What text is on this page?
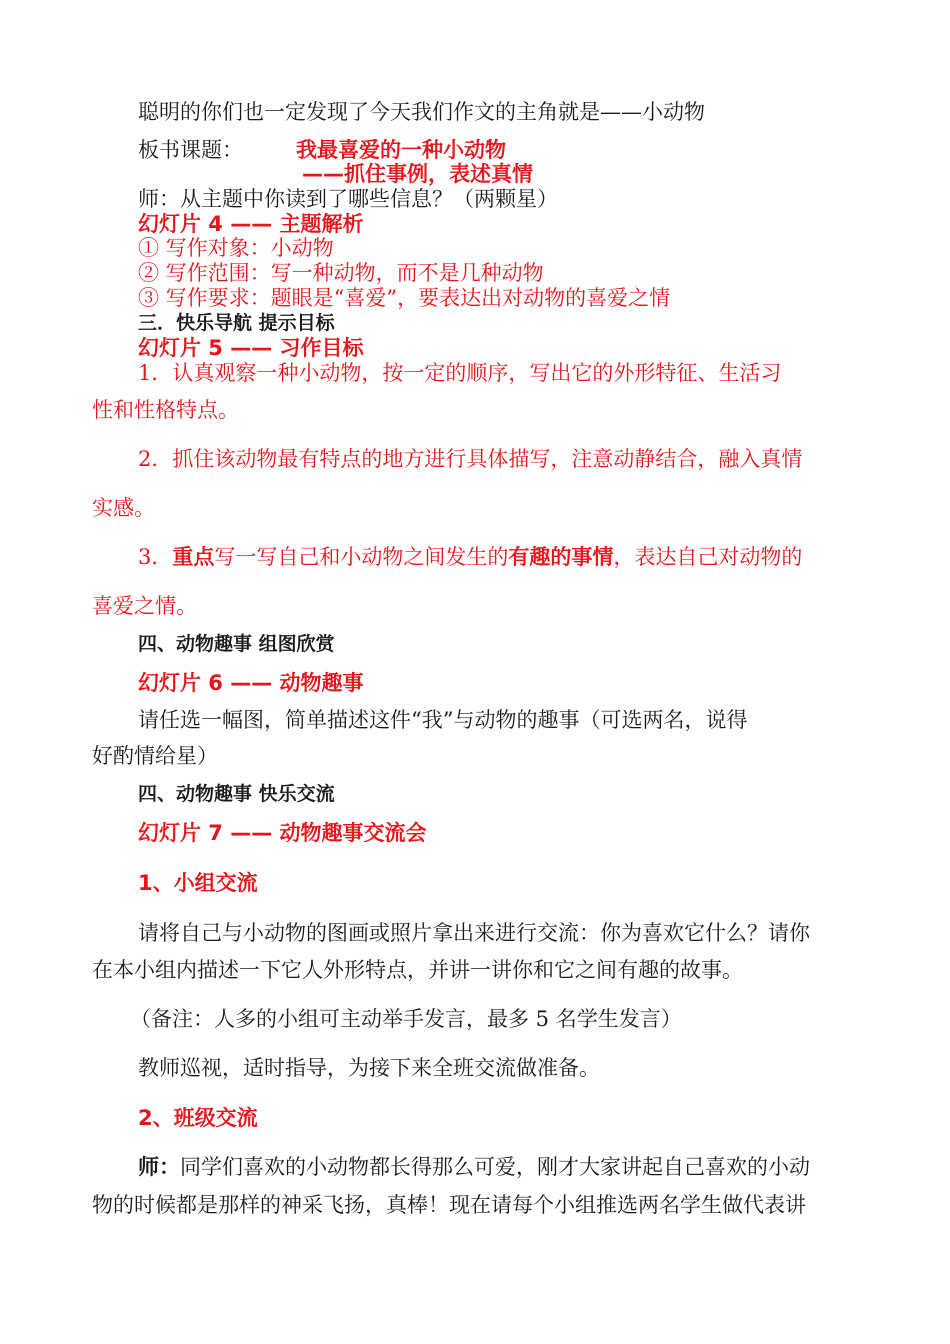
聪明的你们也一定发现了今天我们作文的主角就是——小动物
板书课题：	我最喜爱的一种小动物
——抓住事例，表述真情
师：从主题中你读到了哪些信息？（两颗星）
幻灯片 4 —— 主题解析
① 写作对象：小动物
② 写作范围：写一种动物，而不是几种动物
③ 写作要求：题眼是“喜爱”，要表达出对动物的喜爱之情
三．快乐导航 提示目标
幻灯片 5 —— 习作目标
1．认真观察一种小动物，按一定的顺序，写出它的外形特征、生活习
性和性格特点。
2．抓住该动物最有特点的地方进行具体描写，注意动静结合，融入真情
实感。
3．重点写一写自己和小动物之间发生的有趣的事情，表达自己对动物的
喜爱之情。
四、动物趣事 组图欣赏
幻灯片 6 —— 动物趣事
请任选一幅图，简单描述这件“我”与动物的趣事（可选两名，说得
好酌情给星）
四、动物趣事 快乐交流
幻灯片 7 —— 动物趣事交流会
1、小组交流
请将自己与小动物的图画或照片拿出来进行交流：你为喜欢它什么？请你
在本小组内描述一下它人外形特点，并讲一讲你和它之间有趣的故事。
（备注：人多的小组可主动举手发言，最多 5 名学生发言）
教师巡视，适时指导，为接下来全班交流做准备。
2、班级交流
师：同学们喜欢的小动物都长得那么可爱，刚才大家讲起自己喜欢的小动
物的时候都是那样的神采飞扬，真棒！现在请每个小组推选两名学生做代表讲
